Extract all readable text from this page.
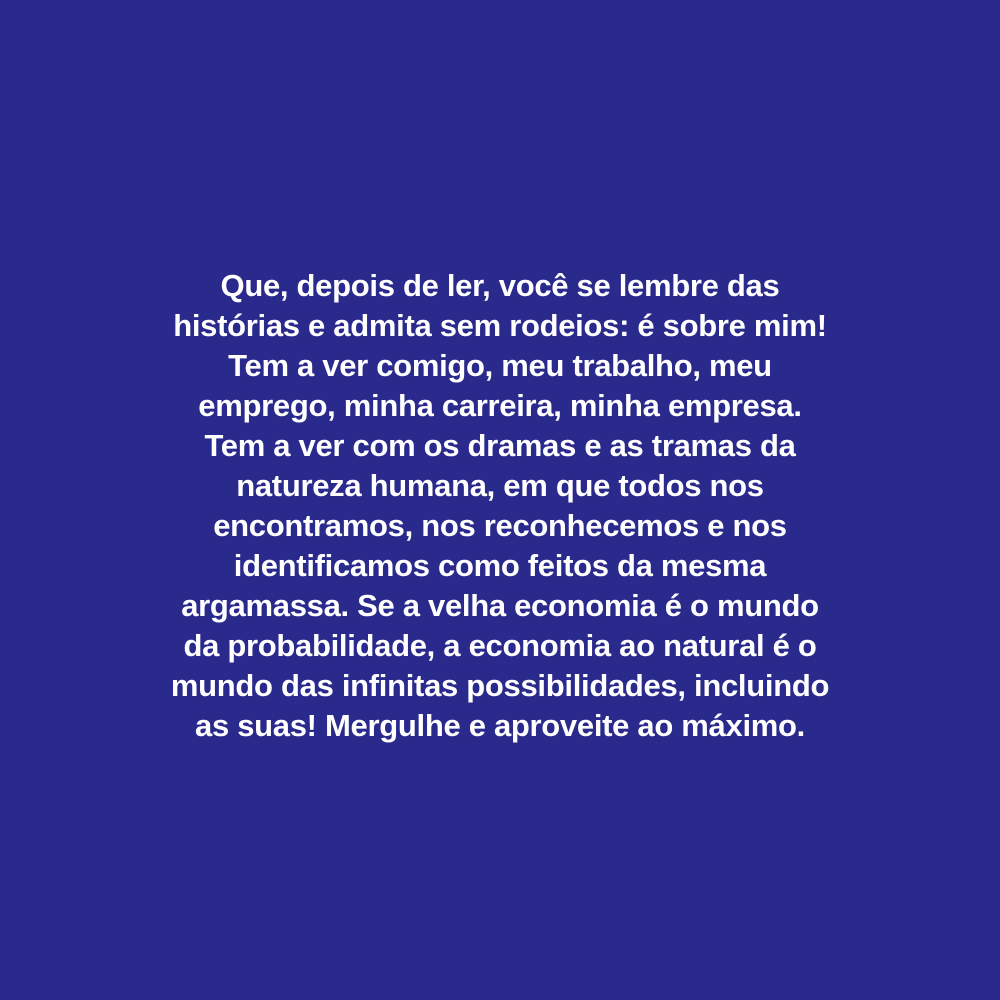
Que, depois de ler, você se lembre das
histórias e admita sem rodeios: é sobre mim!
Tem a ver comigo, meu trabalho, meu
emprego, minha carreira, minha empresa.
Tem a ver com os dramas e as tramas da
natureza humana, em que todos nos
encontramos, nos reconhecemos e nos
identificamos como feitos da mesma
argamassa. Se a velha economia é o mundo
da probabilidade, a economia ao natural é o
mundo das infinitas possibilidades, incluindo
as suas! Mergulhe e aproveite ao máximo.
